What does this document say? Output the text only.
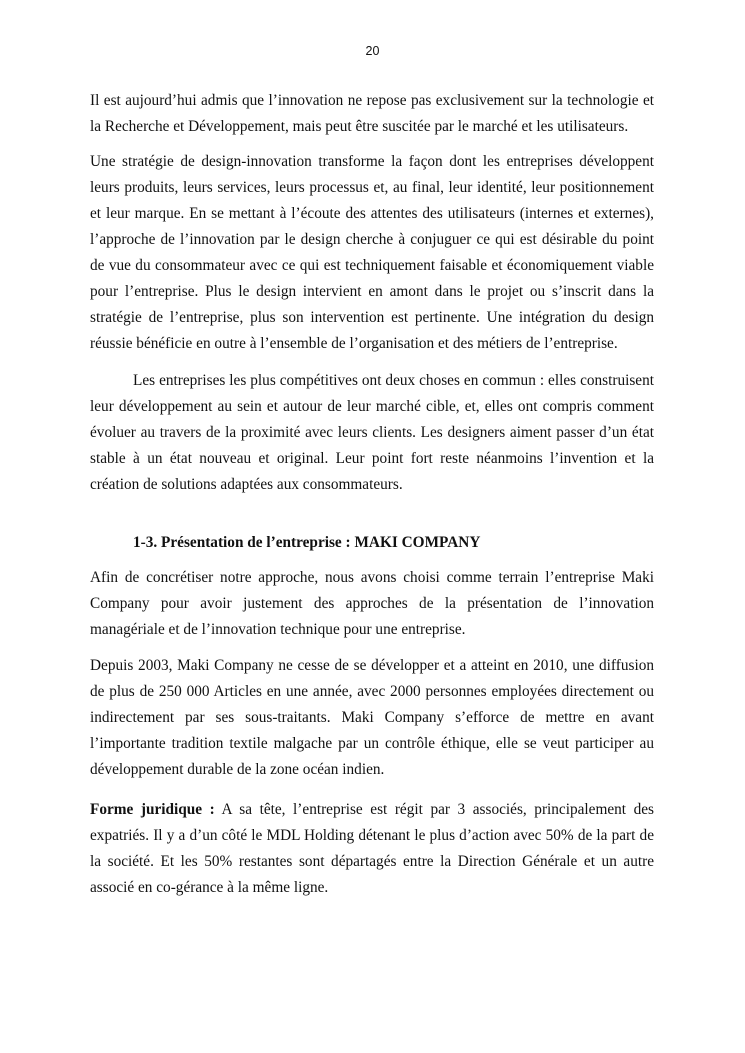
20

Il est aujourd’hui admis que l’innovation ne repose pas exclusivement sur la technologie et la Recherche et Développement, mais peut être suscitée par le marché et les utilisateurs.

Une stratégie de design-innovation transforme la façon dont les entreprises développent leurs produits, leurs services, leurs processus et, au final, leur identité, leur positionnement et leur marque. En se mettant à l’écoute des attentes des utilisateurs (internes et externes), l’approche de l’innovation par le design cherche à conjuguer ce qui est désirable du point de vue du consommateur avec ce qui est techniquement faisable et économiquement viable pour l’entreprise. Plus le design intervient en amont dans le projet ou s’inscrit dans la stratégie de l’entreprise, plus son intervention est pertinente. Une intégration du design réussie bénéficie en outre à l’ensemble de l’organisation et des métiers de l’entreprise.

Les entreprises les plus compétitives ont deux choses en commun : elles construisent leur développement au sein et autour de leur marché cible, et, elles ont compris comment évoluer au travers de la proximité avec leurs clients. Les designers aiment passer d’un état stable à un état nouveau et original. Leur point fort reste néanmoins l’invention et la création de solutions adaptées aux consommateurs.

1-3. Présentation de l’entreprise : MAKI COMPANY

Afin de concrétiser notre approche, nous avons choisi comme terrain l’entreprise Maki Company pour avoir justement des approches de la présentation de l’innovation managériale et de l’innovation technique pour une entreprise.

Depuis 2003, Maki Company ne cesse de se développer et a atteint en 2010, une diffusion de plus de 250 000 Articles en une année, avec 2000 personnes employées directement ou indirectement par ses sous-traitants. Maki Company s’efforce de mettre en avant l’importante tradition textile malgache par un contrôle éthique, elle se veut participer au développement durable de la zone océan indien.

Forme juridique : A sa tête, l’entreprise est régit par 3 associés, principalement des expatriés. Il y a d’un côté le MDL Holding détenant le plus d’action avec 50% de la part de la société. Et les 50% restantes sont départagés entre la Direction Générale et un autre associé en co-gérance à la même ligne.
